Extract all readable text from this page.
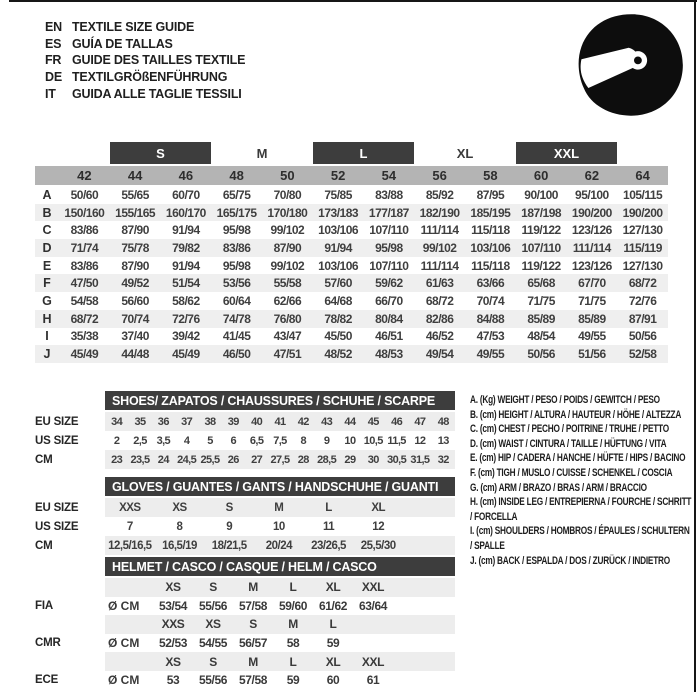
EN TEXTILE SIZE GUIDE
ES GUÍA DE TALLAS
FR GUIDE DES TAILLES TEXTILE
DE TEXTILGRÖßENFÜHRUNG
IT	GUIDA ALLE TAGLIE TESSILI
S	M	L	XL	XXL
42	44	46	48	50	52	54	56	58	60	62	64
A	50/60	55/65	60/70	65/75	70/80	75/85	83/88	85/92	87/95	90/100	95/100	105/115
B	150/160 155/165 160/170 165/175 170/180 173/183 177/187 182/190 185/195 187/198 190/200 190/200
C	83/86	87/90	91/94	95/98	99/102	103/106 107/110	111/114	115/118 119/122 123/126 127/130
D	71/74	75/78	79/82	83/86	87/90	91/94	95/98	99/102	103/106 107/110	111/114	115/119
E	83/86	87/90	91/94	95/98	99/102	103/106 107/110	111/114	115/118 119/122 123/126 127/130
F	47/50	49/52	51/54	53/56	55/58	57/60	59/62	61/63	63/66	65/68	67/70	68/72
G	54/58	56/60	58/62	60/64	62/66	64/68	66/70	68/72	70/74	71/75	71/75	72/76
H	68/72	70/74	72/76	74/78	76/80	78/82	80/84	82/86	84/88	85/89	85/89	87/91
I	35/38	37/40	39/42	41/45	43/47	45/50	46/51	46/52	47/53	48/54	49/55	50/56
J	45/49	44/48	45/49	46/50	47/51	48/52	48/53	49/54	49/55	50/56	51/56	52/58
SHOES/ ZAPATOS / CHAUSSURES / SCHUHE / SCARPE
EU SIZE	34	35	36	37	38	39	40	41	42	43	44	45	46	47	48
US SIZE	2	2,5 3,5	4	5	6	6,5 7,5	8	9	10 10,5 11,5 12	13
CM	23 23,5 24 24,5 25,5 26	27 27,5 28 28,5 29	30 30,5 31,5 32
GLOVES / GUANTES / GANTS / HANDSCHUHE / GUANTI
EU SIZE	XXS	XS	S	M	L	XL
US SIZE	7	8	9	10	11	12
CM	12,5/16,5 16,5/19	18/21,5	20/24	23/26,5	25,5/30
HELMET / CASCO / CASQUE / HELM / CASCO
XS	S	M	L	XL	XXL
FIA	Ø CM	53/54 55/56 57/58 59/60 61/62 63/64
XXS	XS	S	M	L
CMR	Ø CM	52/53 54/55 56/57	58	59
XS	S	M	L	XL	XXL
ECE	Ø CM	53	55/56 57/58	59	60	61
A. (Kg) WEIGHT / PESO / POIDS / GEWITCH / PESO
B. (cm) HEIGHT / ALTURA / HAUTEUR / HÖHE / ALTEZZA
C. (cm) CHEST / PECHO / POITRINE / TRUHE / PETTO
D. (cm) WAIST / CINTURA / TAILLE / HÜFTUNG / VITA
E. (cm) HIP / CADERA / HANCHE / HÜFTE / HIPS / BACINO
F. (cm) TIGH / MUSLO / CUISSE / SCHENKEL / COSCIA
G. (cm) ARM / BRAZO / BRAS / ARM / BRACCIO
H. (cm) INSIDE LEG / ENTREPIERNA / FOURCHE / SCHRITT / FORCELLA
I. (cm) SHOULDERS / HOMBROS / ÉPAULES / SCHULTERN / SPALLE
J. (cm) BACK / ESPALDA / DOS / ZURÜCK / INDIETRO
